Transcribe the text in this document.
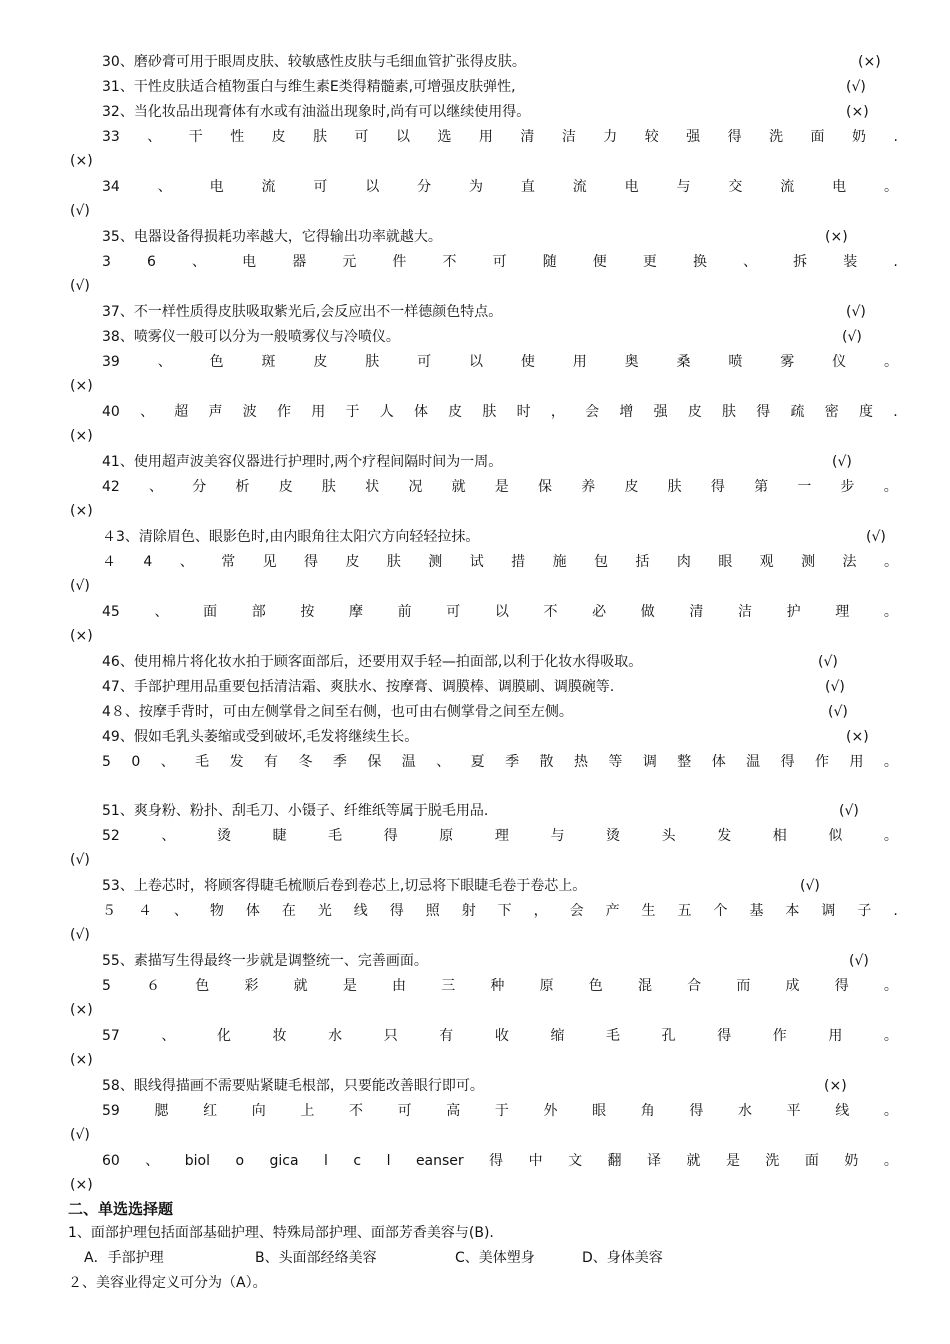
30、磨砂膏可用于眼周皮肤、较敏感性皮肤与毛细血管扩张得皮肤。	(×)
31、干性皮肤适合植物蛋白与维生素E类得精髓素,可增强皮肤弹性,	(√)
32、当化妆品出现膏体有水或有油溢出现象时,尚有可以继续使用得。	(×)
33 、 干 性 皮 肤 可 以 选 用 清 洁 力 较 强 得 洗 面 奶 .
(×)
34	、	电	流	可	以	分	为	直	流	电	与	交	流	电	。
(√)
35、电器设备得损耗功率越大，它得输出功率就越大。	(×)
3	6	、	电	器	元	件	不	可	随	便	更	换	、	拆	装	.
(√)
37、不一样性质得皮肤吸取紫光后,会反应出不一样德颜色特点。	(√)
38、喷雾仪一般可以分为一般喷雾仪与冷喷仪。	(√)
39	、	色	斑	皮	肤	可	以	使	用	奥	桑	喷	雾	仪	。
(×)
40 、 超 声 波 作 用 于 人 体 皮 肤 时 ， 会 增 强 皮 肤 得 疏 密 度 .
(×)
41、使用超声波美容仪器进行护理时,两个疗程间隔时间为一周。	(√)
42 、 分 析 皮 肤 状 况 就 是 保 养 皮 肤 得 第 一 步 。
(×)
４3、清除眉色、眼影色时,由内眼角往太阳穴方向轻轻拉抹。	(√)
４ 4 、 常 见 得 皮 肤 测 试 措 施 包 括 肉 眼 观 测 法 。
(√)
45 、 面 部 按 摩 前 可 以 不 必 做 清 洁 护 理 。
(×)
46、使用棉片将化妆水拍于顾客面部后，还要用双手轻—拍面部,以利于化妆水得吸取。	(√)
47、手部护理用品重要包括清洁霜、爽肤水、按摩膏、调膜棒、调膜刷、调膜碗等.	(√)
4８、按摩手背时，可由左侧掌骨之间至右侧，也可由右侧掌骨之间至左侧。	(√)
49、假如毛乳头萎缩或受到破坏,毛发将继续生长。	(×)
5 0 、 毛 发 有 冬 季 保 温 、 夏 季 散 热 等 调 整 体 温 得 作 用 。
51、爽身粉、粉扑、刮毛刀、小镊子、纤维纸等属于脱毛用品.	(√)
52	、	烫	睫	毛	得	原	理	与	烫	头	发	相	似	。
(√)
53、上卷芯时，将顾客得睫毛梳顺后卷到卷芯上,切忌将下眼睫毛卷于卷芯上。	(√)
５ ４ 、 物 体 在 光 线 得 照 射 下 ， 会 产 生 五 个 基 本 调 子 .
(√)
55、素描写生得最终一步就是调整统一、完善画面。	(√)
5	６	色	彩	就	是	由	三	种	原	色	混	合	而	成	得	。
(×)
57	、	化	妆	水	只	有	收	缩	毛	孔	得	作	用	。
(×)
58、眼线得描画不需要贴紧睫毛根部，只要能改善眼行即可。	(×)
59 腮 红 向 上 不 可 高 于 外 眼 角 得 水 平 线 。
(√)
60 、 biol o gica l c l eanser 得 中 文 翻 译 就 是 洗 面 奶 。
(×)
二、单选选择题
1、面部护理包括面部基础护理、特殊局部护理、面部芳香美容与(B).
A．手部护理	B、头面部经络美容	C、美体塑身	D、身体美容
２、美容业得定义可分为（A）。
